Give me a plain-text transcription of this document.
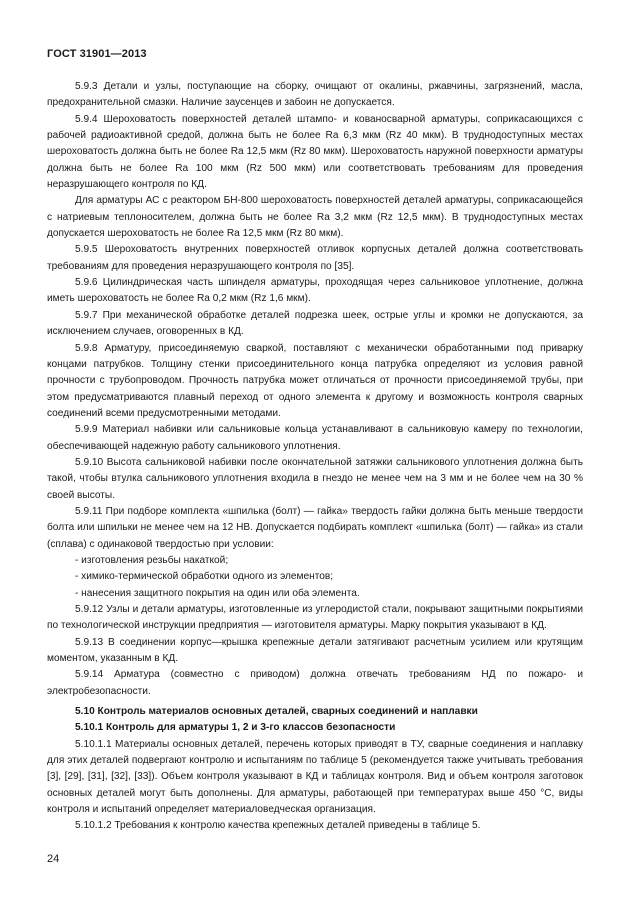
ГОСТ 31901—2013

5.9.3 Детали и узлы, поступающие на сборку, очищают от окалины, ржавчины, загрязнений, масла, предохранительной смазки. Наличие заусенцев и забоин не допускается.

5.9.4 Шероховатость поверхностей деталей штампо- и кованосварной арматуры, соприкасающихся с рабочей радиоактивной средой, должна быть не более Ra 6,3 мкм (Rz 40 мкм). В труднодоступных местах шероховатость должна быть не более Ra 12,5 мкм (Rz 80 мкм). Шероховатость наружной поверхности арматуры должна быть не более Ra 100 мкм (Rz 500 мкм) или соответствовать требованиям для проведения неразрушающего контроля по КД.

Для арматуры АС с реактором БН-800 шероховатость поверхностей деталей арматуры, соприкасающейся с натриевым теплоносителем, должна быть не более Ra 3,2 мкм (Rz 12,5 мкм). В труднодоступных местах допускается шероховатость не более Ra 12,5 мкм (Rz 80 мкм).

5.9.5 Шероховатость внутренних поверхностей отливок корпусных деталей должна соответствовать требованиям для проведения неразрушающего контроля по [35].

5.9.6 Цилиндрическая часть шпинделя арматуры, проходящая через сальниковое уплотнение, должна иметь шероховатость не более Ra 0,2 мкм (Rz 1,6 мкм).

5.9.7 При механической обработке деталей подрезка шеек, острые углы и кромки не допускаются, за исключением случаев, оговоренных в КД.

5.9.8 Арматуру, присоединяемую сваркой, поставляют с механически обработанными под приварку концами патрубков. Толщину стенки присоединительного конца патрубка определяют из условия равной прочности с трубопроводом. Прочность патрубка может отличаться от прочности присоединяемой трубы, при этом предусматриваются плавный переход от одного элемента к другому и возможность контроля сварных соединений всеми предусмотренными методами.

5.9.9 Материал набивки или сальниковые кольца устанавливают в сальниковую камеру по технологии, обеспечивающей надежную работу сальникового уплотнения.

5.9.10 Высота сальниковой набивки после окончательной затяжки сальникового уплотнения должна быть такой, чтобы втулка сальникового уплотнения входила в гнездо не менее чем на 3 мм и не более чем на 30 % своей высоты.

5.9.11 При подборе комплекта «шпилька (болт) — гайка» твердость гайки должна быть меньше твердости болта или шпильки не менее чем на 12 НВ. Допускается подбирать комплект «шпилька (болт) — гайка» из стали (сплава) с одинаковой твердостью при условии:

- изготовления резьбы накаткой;

- химико-термической обработки одного из элементов;

- нанесения защитного покрытия на один или оба элемента.

5.9.12 Узлы и детали арматуры, изготовленные из углеродистой стали, покрывают защитными покрытиями по технологической инструкции предприятия — изготовителя арматуры. Марку покрытия указывают в КД.

5.9.13 В соединении корпус—крышка крепежные детали затягивают расчетным усилием или крутящим моментом, указанным в КД.

5.9.14 Арматура (совместно с приводом) должна отвечать требованиям НД по пожаро- и электробезопасности.

5.10 Контроль материалов основных деталей, сварных соединений и наплавки

5.10.1 Контроль для арматуры 1, 2 и 3-го классов безопасности

5.10.1.1 Материалы основных деталей, перечень которых приводят в ТУ, сварные соединения и наплавку для этих деталей подвергают контролю и испытаниям по таблице 5 (рекомендуется также учитывать требования [3], [29], [31], [32], [33]). Объем контроля указывают в КД и таблицах контроля. Вид и объем контроля заготовок основных деталей могут быть дополнены. Для арматуры, работающей при температурах выше 450 °С, виды контроля и испытаний определяет материаловедческая организация.

5.10.1.2 Требования к контролю качества крепежных деталей приведены в таблице 5.

24
